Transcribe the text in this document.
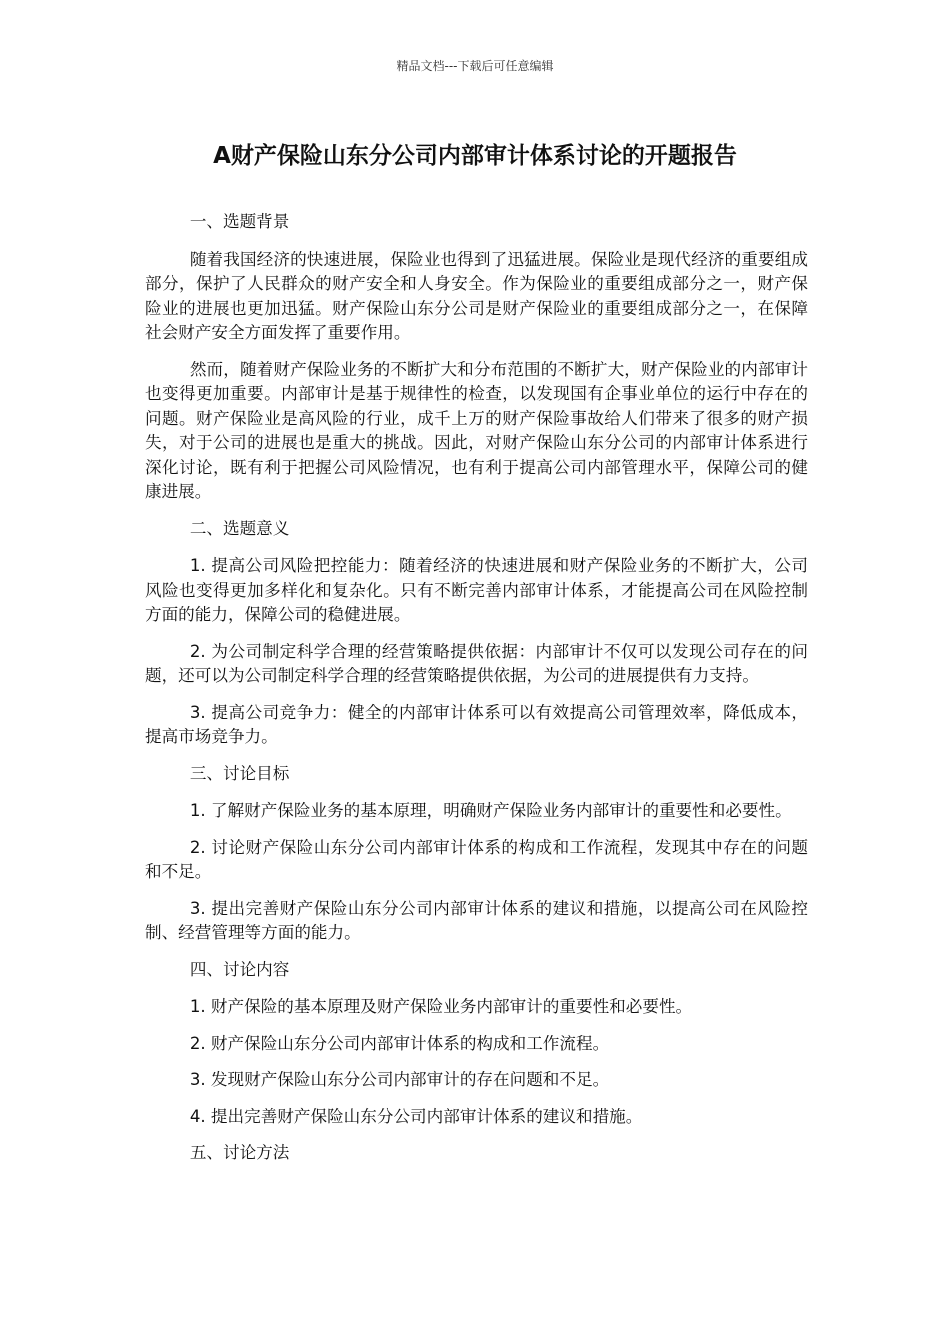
精品文档---下载后可任意编辑
A财产保险山东分公司内部审计体系讨论的开题报告

一、选题背景

随着我国经济的快速进展，保险业也得到了迅猛进展。保险业是现代经济的重要组成部分，保护了人民群众的财产安全和人身安全。作为保险业的重要组成部分之一，财产保险业的进展也更加迅猛。财产保险山东分公司是财产保险业的重要组成部分之一，在保障社会财产安全方面发挥了重要作用。

然而，随着财产保险业务的不断扩大和分布范围的不断扩大，财产保险业的内部审计也变得更加重要。内部审计是基于规律性的检查，以发现国有企事业单位的运行中存在的问题。财产保险业是高风险的行业，成千上万的财产保险事故给人们带来了很多的财产损失，对于公司的进展也是重大的挑战。因此，对财产保险山东分公司的内部审计体系进行深化讨论，既有利于把握公司风险情况，也有利于提高公司内部管理水平，保障公司的健康进展。

二、选题意义

1. 提高公司风险把控能力：随着经济的快速进展和财产保险业务的不断扩大，公司风险也变得更加多样化和复杂化。只有不断完善内部审计体系，才能提高公司在风险控制方面的能力，保障公司的稳健进展。

2. 为公司制定科学合理的经营策略提供依据：内部审计不仅可以发现公司存在的问题，还可以为公司制定科学合理的经营策略提供依据，为公司的进展提供有力支持。

3. 提高公司竞争力：健全的内部审计体系可以有效提高公司管理效率，降低成本，提高市场竞争力。

三、讨论目标

1. 了解财产保险业务的基本原理，明确财产保险业务内部审计的重要性和必要性。

2. 讨论财产保险山东分公司内部审计体系的构成和工作流程，发现其中存在的问题和不足。

3. 提出完善财产保险山东分公司内部审计体系的建议和措施，以提高公司在风险控制、经营管理等方面的能力。

四、讨论内容

1. 财产保险的基本原理及财产保险业务内部审计的重要性和必要性。

2. 财产保险山东分公司内部审计体系的构成和工作流程。

3. 发现财产保险山东分公司内部审计的存在问题和不足。

4. 提出完善财产保险山东分公司内部审计体系的建议和措施。

五、讨论方法
